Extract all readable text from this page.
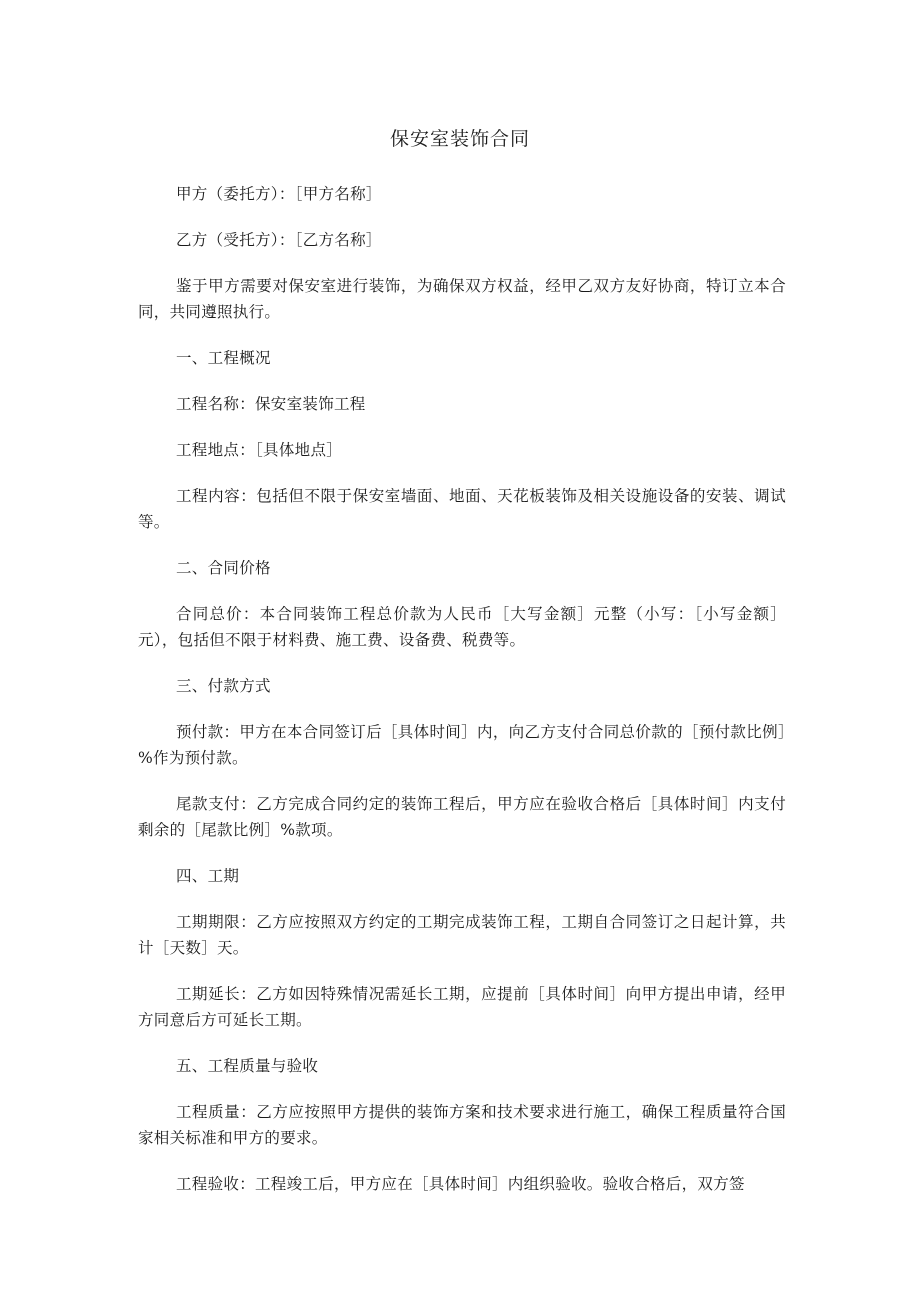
保安室装饰合同

甲方（委托方）：［甲方名称］

乙方（受托方）：［乙方名称］

鉴于甲方需要对保安室进行装饰，为确保双方权益，经甲乙双方友好协商，特订立本合同，共同遵照执行。

一、工程概况

工程名称：保安室装饰工程

工程地点：［具体地点］

工程内容：包括但不限于保安室墙面、地面、天花板装饰及相关设施设备的安装、调试等。

二、合同价格

合同总价：本合同装饰工程总价款为人民币［大写金额］元整（小写：［小写金额］元），包括但不限于材料费、施工费、设备费、税费等。

三、付款方式

预付款：甲方在本合同签订后［具体时间］内，向乙方支付合同总价款的［预付款比例］%作为预付款。

尾款支付：乙方完成合同约定的装饰工程后，甲方应在验收合格后［具体时间］内支付剩余的［尾款比例］%款项。

四、工期

工期期限：乙方应按照双方约定的工期完成装饰工程，工期自合同签订之日起计算，共计［天数］天。

工期延长：乙方如因特殊情况需延长工期，应提前［具体时间］向甲方提出申请，经甲方同意后方可延长工期。

五、工程质量与验收

工程质量：乙方应按照甲方提供的装饰方案和技术要求进行施工，确保工程质量符合国家相关标准和甲方的要求。

工程验收：工程竣工后，甲方应在［具体时间］内组织验收。验收合格后，双方签
